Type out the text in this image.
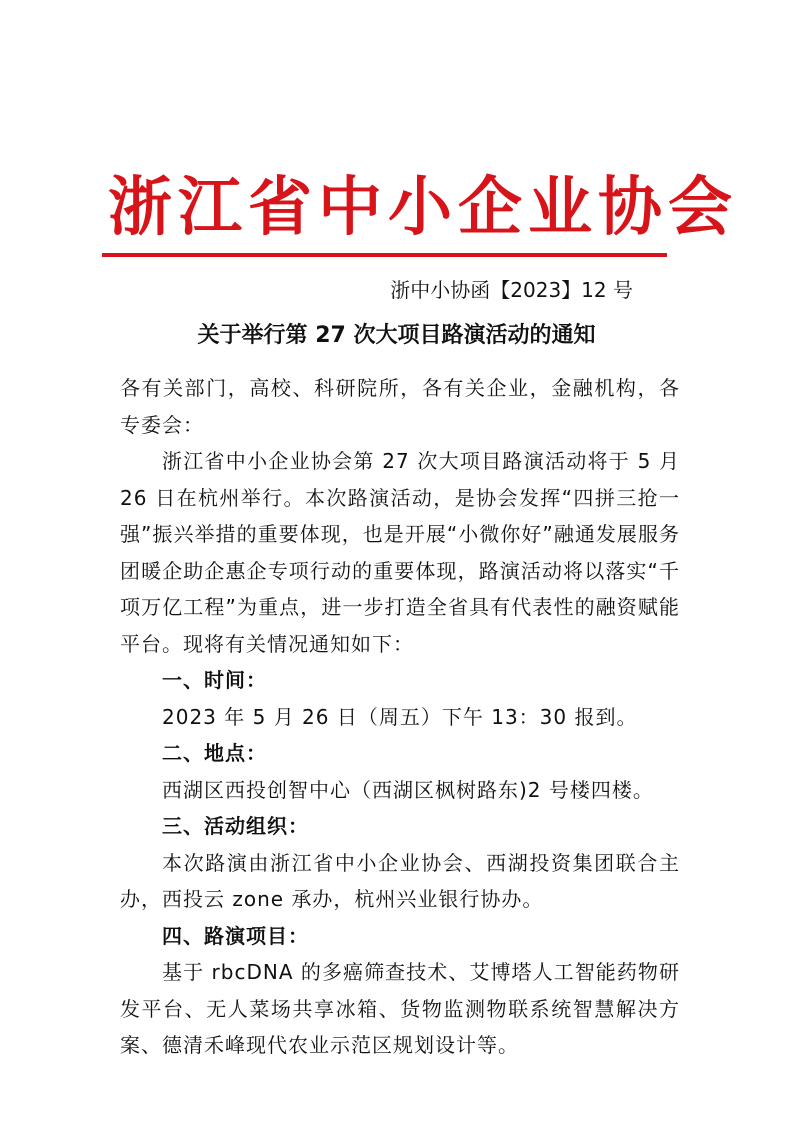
浙江省中小企业协会
浙中小协函【2023】12 号
关于举行第 27 次大项目路演活动的通知

各有关部门，高校、科研院所，各有关企业，金融机构，各专委会：

浙江省中小企业协会第 27 次大项目路演活动将于 5 月 26 日在杭州举行。本次路演活动，是协会发挥“四拼三抢一强”振兴举措的重要体现，也是开展“小微你好”融通发展服务团暖企助企惠企专项行动的重要体现，路演活动将以落实“千项万亿工程”为重点，进一步打造全省具有代表性的融资赋能平台。现将有关情况通知如下：

一、时间：

2023 年 5 月 26 日（周五）下午 13：30 报到。

二、地点：

西湖区西投创智中心（西湖区枫树路东)2 号楼四楼。

三、活动组织：

本次路演由浙江省中小企业协会、西湖投资集团联合主办，西投云 zone 承办，杭州兴业银行协办。

四、路演项目：

基于 rbcDNA 的多癌筛查技术、艾博塔人工智能药物研发平台、无人菜场共享冰箱、货物监测物联系统智慧解决方案、德清禾峰现代农业示范区规划设计等。
